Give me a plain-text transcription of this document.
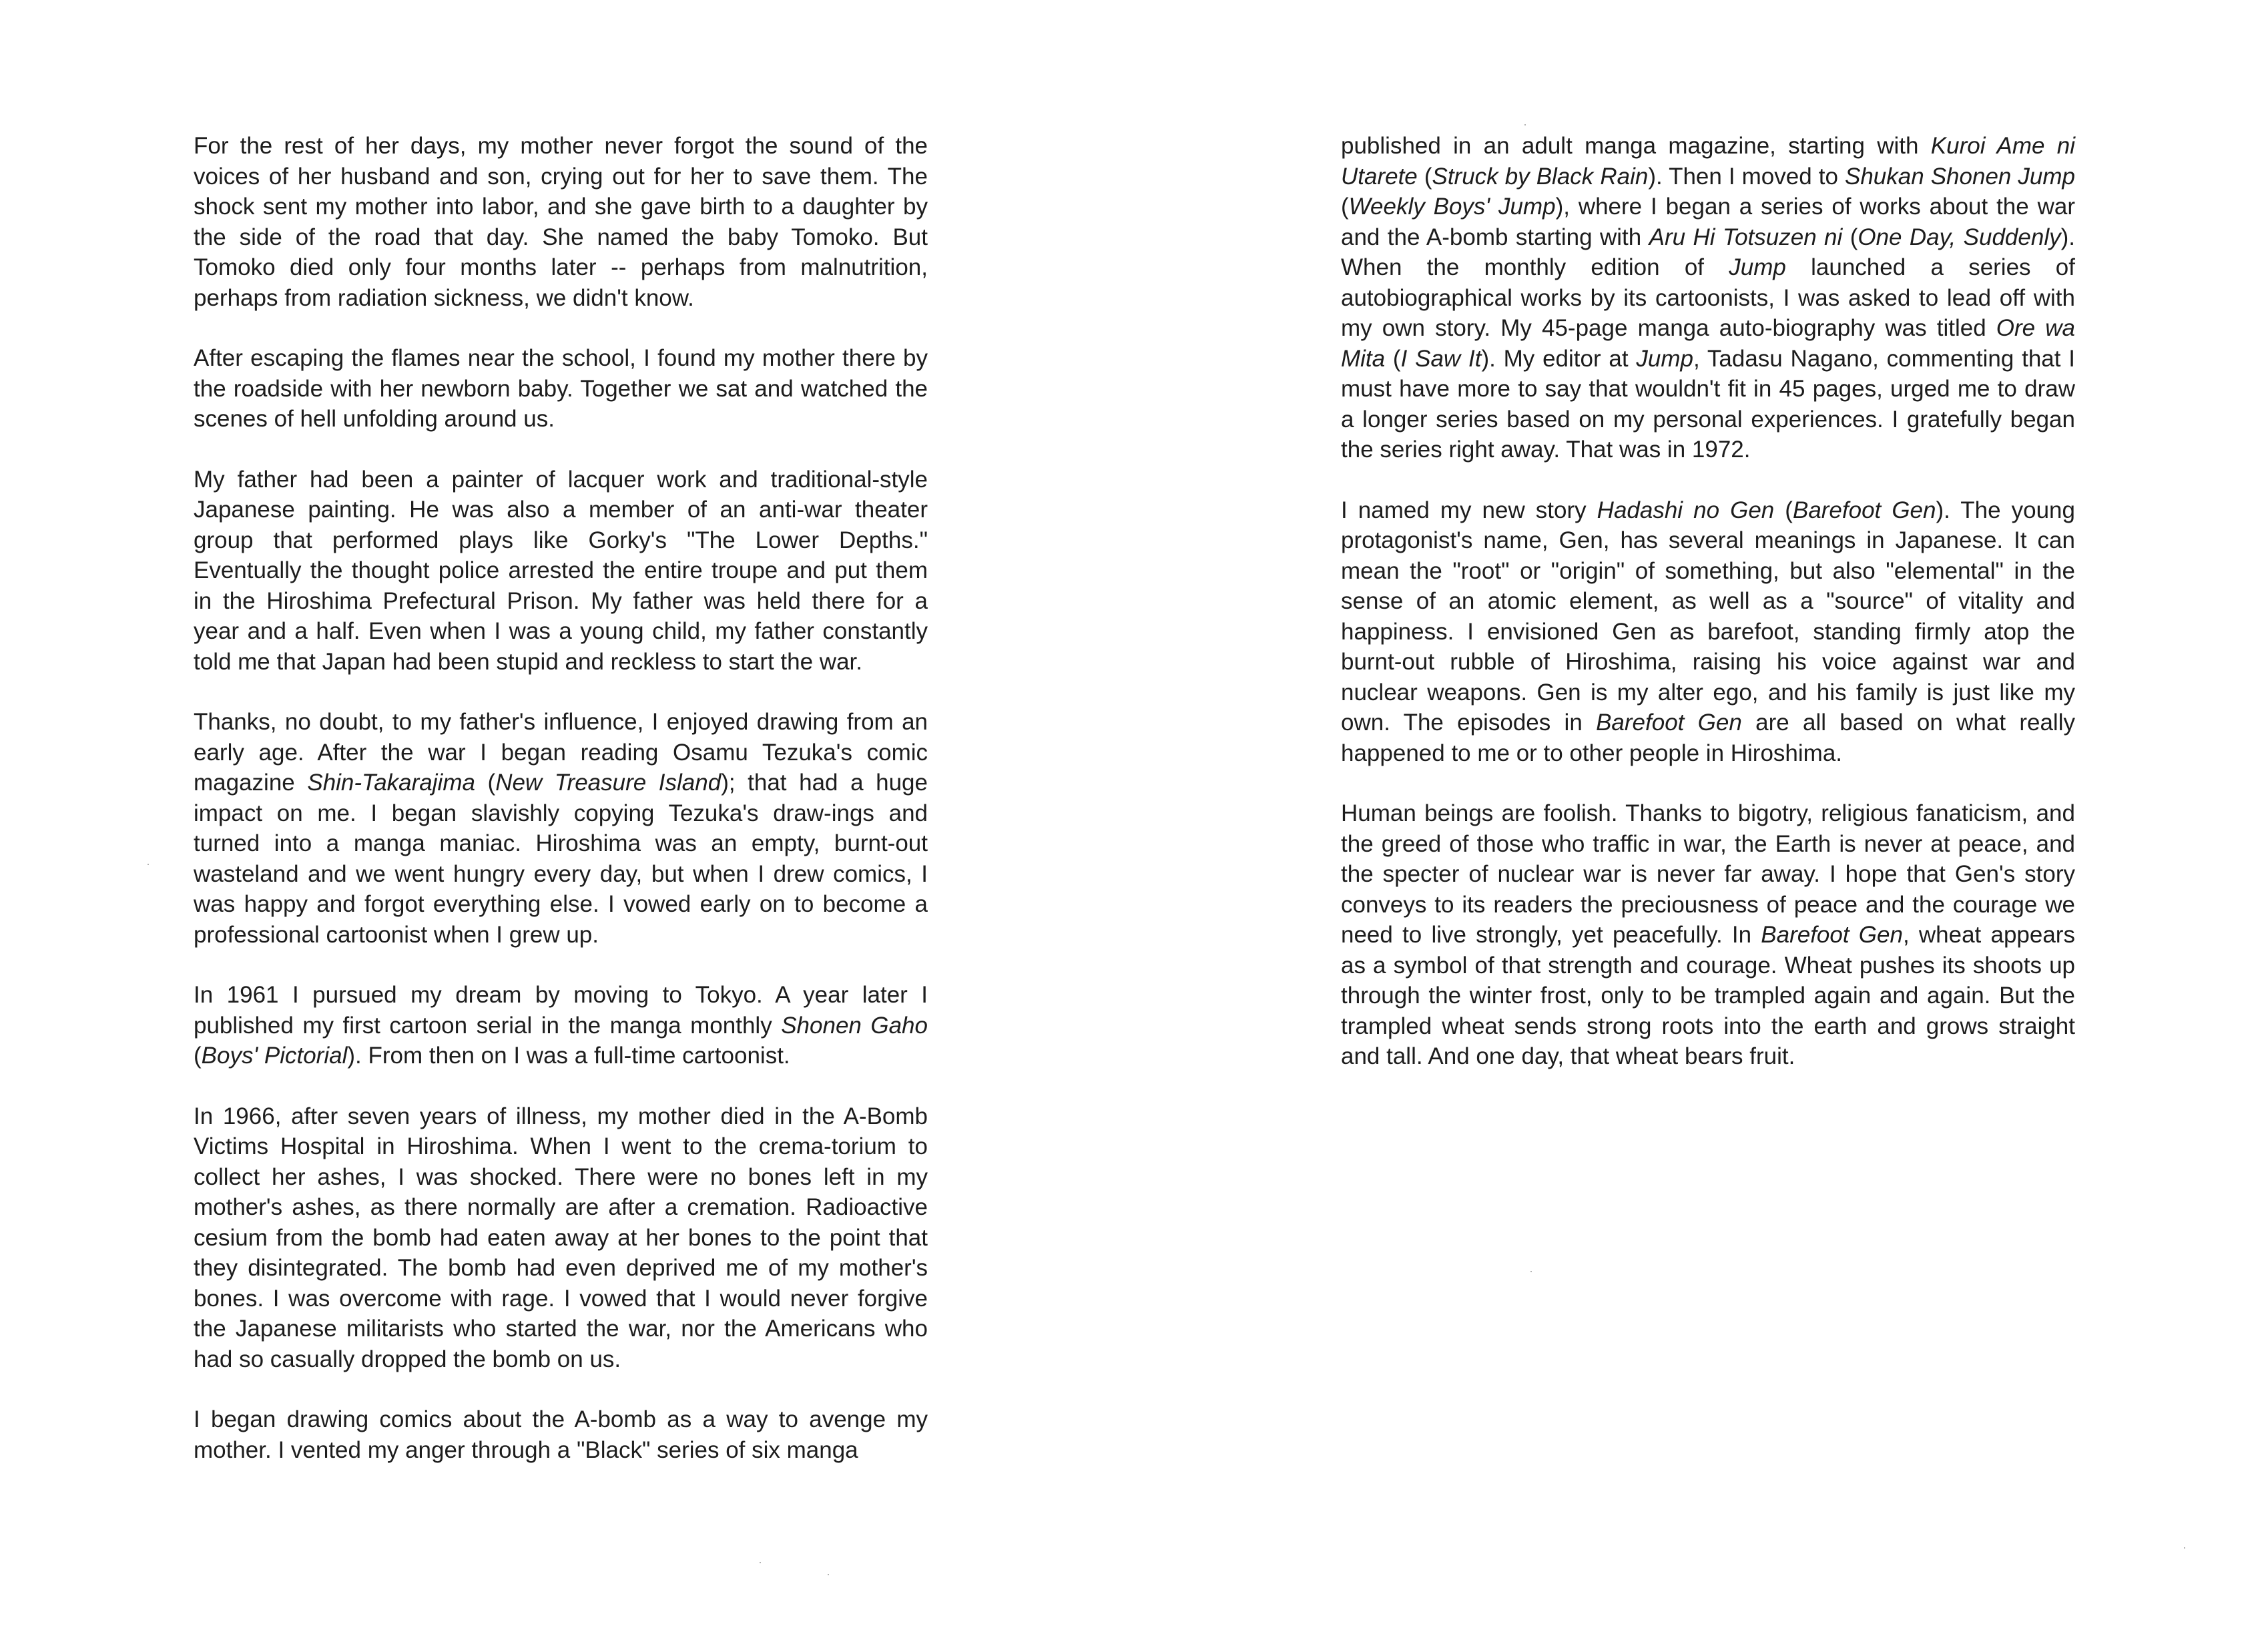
For the rest of her days, my mother never forgot the sound of the voices of her husband and son, crying out for her to save them. The shock sent my mother into labor, and she gave birth to a daughter by the side of the road that day. She named the baby Tomoko. But Tomoko died only four months later -- perhaps from malnutrition, perhaps from radiation sickness, we didn't know.

After escaping the flames near the school, I found my mother there by the roadside with her newborn baby. Together we sat and watched the scenes of hell unfolding around us.

My father had been a painter of lacquer work and traditional-style Japanese painting. He was also a member of an anti-war theater group that performed plays like Gorky's "The Lower Depths." Eventually the thought police arrested the entire troupe and put them in the Hiroshima Prefectural Prison. My father was held there for a year and a half. Even when I was a young child, my father constantly told me that Japan had been stupid and reckless to start the war.

Thanks, no doubt, to my father's influence, I enjoyed drawing from an early age. After the war I began reading Osamu Tezuka's comic magazine Shin-Takarajima (New Treasure Island); that had a huge impact on me. I began slavishly copying Tezuka's draw-ings and turned into a manga maniac. Hiroshima was an empty, burnt-out wasteland and we went hungry every day, but when I drew comics, I was happy and forgot everything else. I vowed early on to become a professional cartoonist when I grew up.

In 1961 I pursued my dream by moving to Tokyo. A year later I published my first cartoon serial in the manga monthly Shonen Gaho (Boys' Pictorial). From then on I was a full-time cartoonist.

In 1966, after seven years of illness, my mother died in the A-Bomb Victims Hospital in Hiroshima. When I went to the crema-torium to collect her ashes, I was shocked. There were no bones left in my mother's ashes, as there normally are after a cremation. Radioactive cesium from the bomb had eaten away at her bones to the point that they disintegrated. The bomb had even deprived me of my mother's bones. I was overcome with rage. I vowed that I would never forgive the Japanese militarists who started the war, nor the Americans who had so casually dropped the bomb on us.

I began drawing comics about the A-bomb as a way to avenge my mother. I vented my anger through a "Black" series of six manga

published in an adult manga magazine, starting with Kuroi Ame ni Utarete (Struck by Black Rain). Then I moved to Shukan Shonen Jump (Weekly Boys' Jump), where I began a series of works about the war and the A-bomb starting with Aru Hi Totsuzen ni (One Day, Suddenly). When the monthly edition of Jump launched a series of autobiographical works by its cartoonists, I was asked to lead off with my own story. My 45-page manga auto-biography was titled Ore wa Mita (I Saw It). My editor at Jump, Tadasu Nagano, commenting that I must have more to say that wouldn't fit in 45 pages, urged me to draw a longer series based on my personal experiences. I gratefully began the series right away. That was in 1972.

I named my new story Hadashi no Gen (Barefoot Gen). The young protagonist's name, Gen, has several meanings in Japanese. It can mean the "root" or "origin" of something, but also "elemental" in the sense of an atomic element, as well as a "source" of vitality and happiness. I envisioned Gen as barefoot, standing firmly atop the burnt-out rubble of Hiroshima, raising his voice against war and nuclear weapons. Gen is my alter ego, and his family is just like my own. The episodes in Barefoot Gen are all based on what really happened to me or to other people in Hiroshima.

Human beings are foolish. Thanks to bigotry, religious fanaticism, and the greed of those who traffic in war, the Earth is never at peace, and the specter of nuclear war is never far away. I hope that Gen's story conveys to its readers the preciousness of peace and the courage we need to live strongly, yet peacefully. In Barefoot Gen, wheat appears as a symbol of that strength and courage. Wheat pushes its shoots up through the winter frost, only to be trampled again and again. But the trampled wheat sends strong roots into the earth and grows straight and tall. And one day, that wheat bears fruit.
